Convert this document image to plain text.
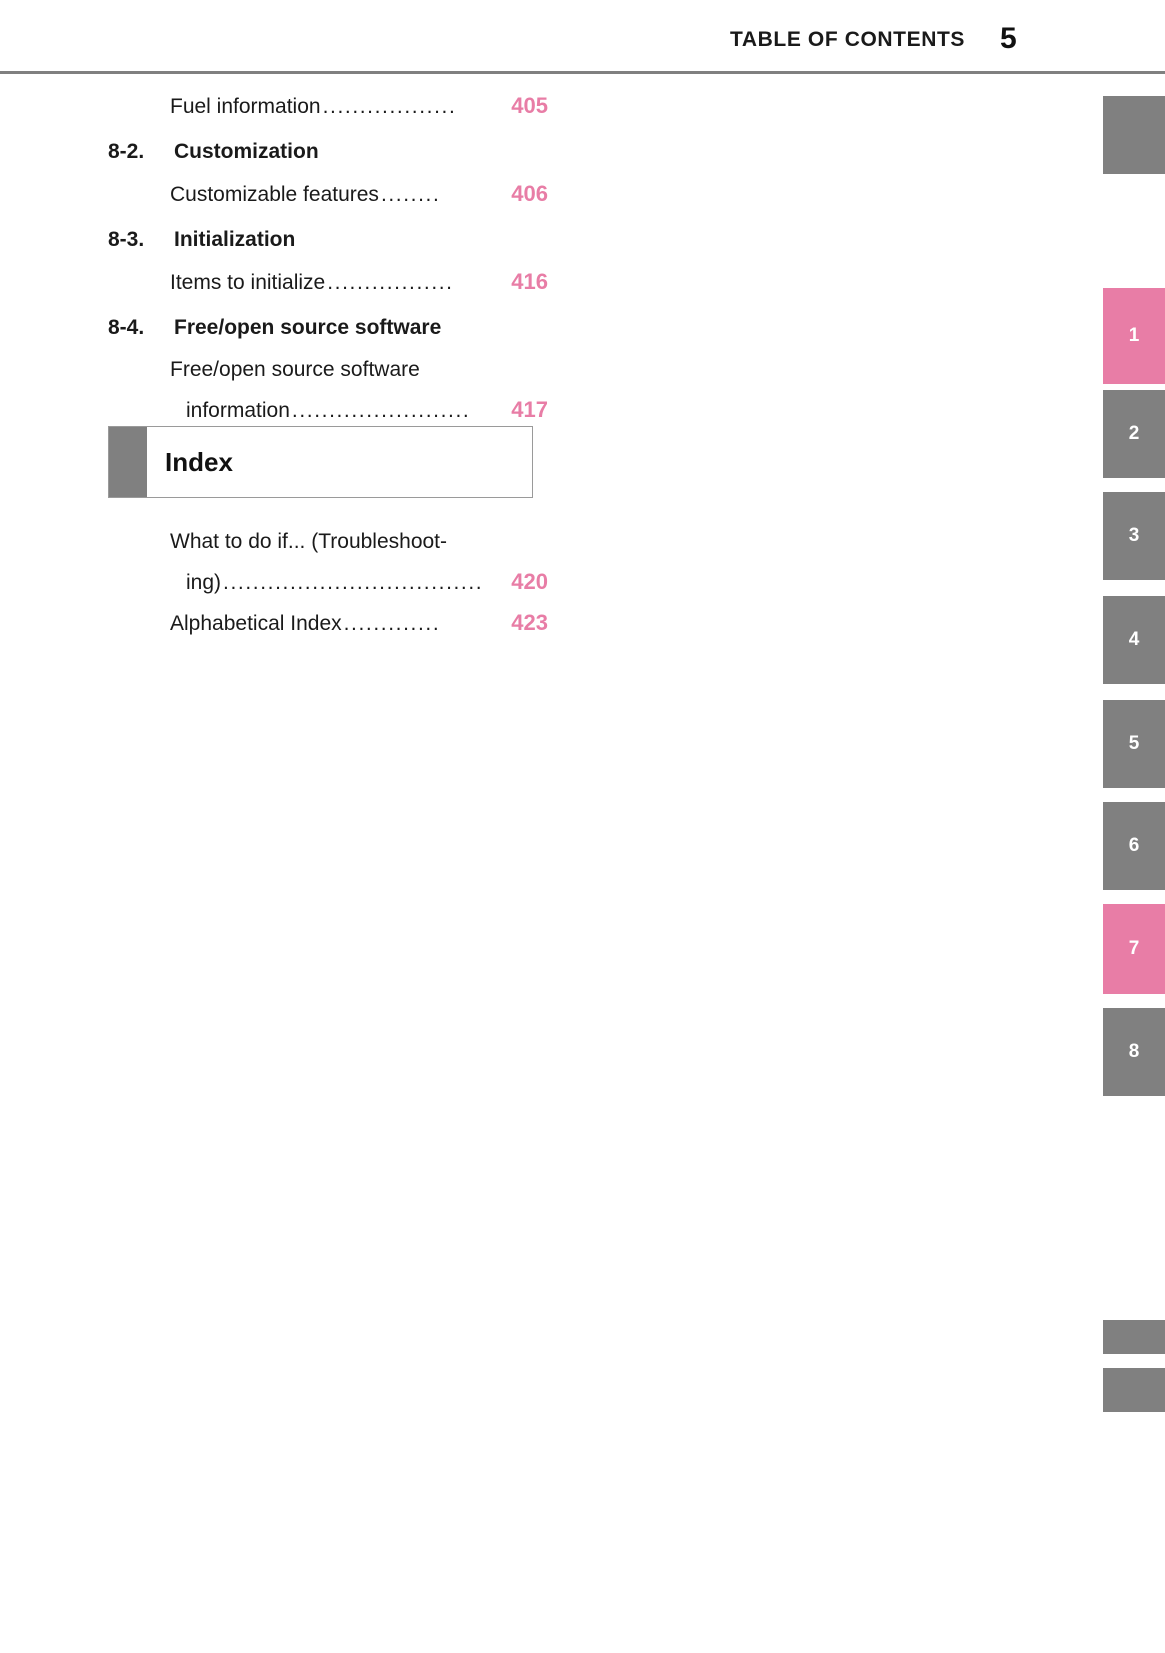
TABLE OF CONTENTS 5
Fuel information ..................	405
8-2.	Customization
Customizable features ........	406
8-3.	Initialization
Items to initialize .................	416
8-4.	Free/open source software
Free/open source software
information ........................	417
Index
What to do if... (Troubleshoot-
ing) ...................................	420
Alphabetical Index .............	423
1
2
3
4
5
6
7
8
